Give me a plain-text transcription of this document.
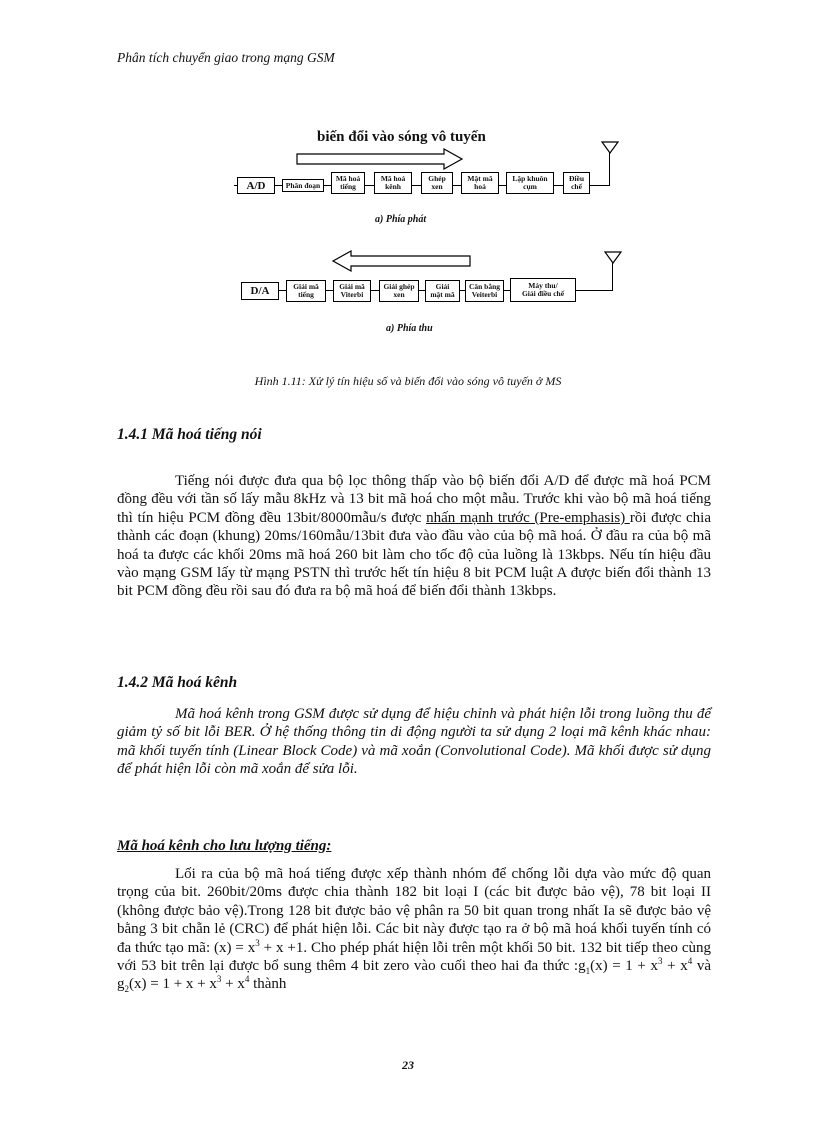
Phân tích chuyển giao trong mạng GSM
biến đổi vào sóng vô tuyến
A/D	Phân đoạn
Mã hoá
tiếng
Mã hoá
kênh
Ghép
xen
Mật mã
hoá
Lập khuôn
cụm
Điều
chế
a) Phía phát
D/A	Giải mã
tiếng
Giải mã
Viterbi
Giải ghép
xen
Giải
mật mã
Cân bằng
Veiterbi
Máy thu/
Giải điều chế
a) Phía thu
Hình 1.11: Xử lý tín hiệu số và biến đổi vào sóng vô tuyến ở MS
1.4.1 Mã hoá tiếng nói

Tiếng nói được đưa qua bộ lọc thông thấp vào bộ biến đổi A/D để được mã hoá PCM đồng đều với tần số lấy mẫu 8kHz và 13 bit mã hoá cho một mẫu. Trước khi vào bộ mã hoá tiếng thì tín hiệu PCM đồng đều 13bit/8000mẫu/s được nhấn mạnh trước (Pre-emphasis) rồi được chia thành các đoạn (khung) 20ms/160mẫu/13bit đưa vào đầu vào của bộ mã hoá. Ở đầu ra của bộ mã hoá ta được các khối 20ms mã hoá 260 bit làm cho tốc độ của luồng là 13kbps. Nếu tín hiệu đầu vào mạng GSM lấy từ mạng PSTN thì trước hết tín hiệu 8 bit PCM luật A được biến đổi thành 13 bit PCM đồng đều rồi sau đó đưa ra bộ mã hoá để biến đổi thành 13kbps.

1.4.2 Mã hoá kênh

Mã hoá kênh trong GSM được sử dụng để hiệu chỉnh và phát hiện lỗi trong luồng thu để giảm tỷ số bit lỗi BER. Ở hệ thống thông tin di động người ta sử dụng 2 loại mã kênh khác nhau: mã khối tuyến tính (Linear Block Code) và mã xoắn (Convolutional Code). Mã khối được sử dụng để phát hiện lỗi còn mã xoắn để sửa lỗi.

Mã hoá kênh cho lưu lượng tiếng:

Lối ra của bộ mã hoá tiếng được xếp thành nhóm để chống lỗi dựa vào mức độ quan trọng của bit. 260bit/20ms được chia thành 182 bit loại I (các bit được bảo vệ), 78 bit loại II (không được bảo vệ).Trong 128 bit được bảo vệ phân ra 50 bit quan trong nhất Ia sẽ được bảo vệ bằng 3 bit chẵn lẻ (CRC) để phát hiện lỗi. Các bit này được tạo ra ở bộ mã hoá khối tuyến tính có đa thức tạo mã: $(x) = x^3 + x +1$. Cho phép phát hiện lỗi trên một khối 50 bit. 132 bit tiếp theo cùng với 53 bit trên lại được bổ sung thêm 4 bit zero vào cuối theo hai đa thức $:g_1(x) = 1 + x^3 + x^4$ và $g_2(x) = 1 + x + x^3 + x^4$ thành

23
